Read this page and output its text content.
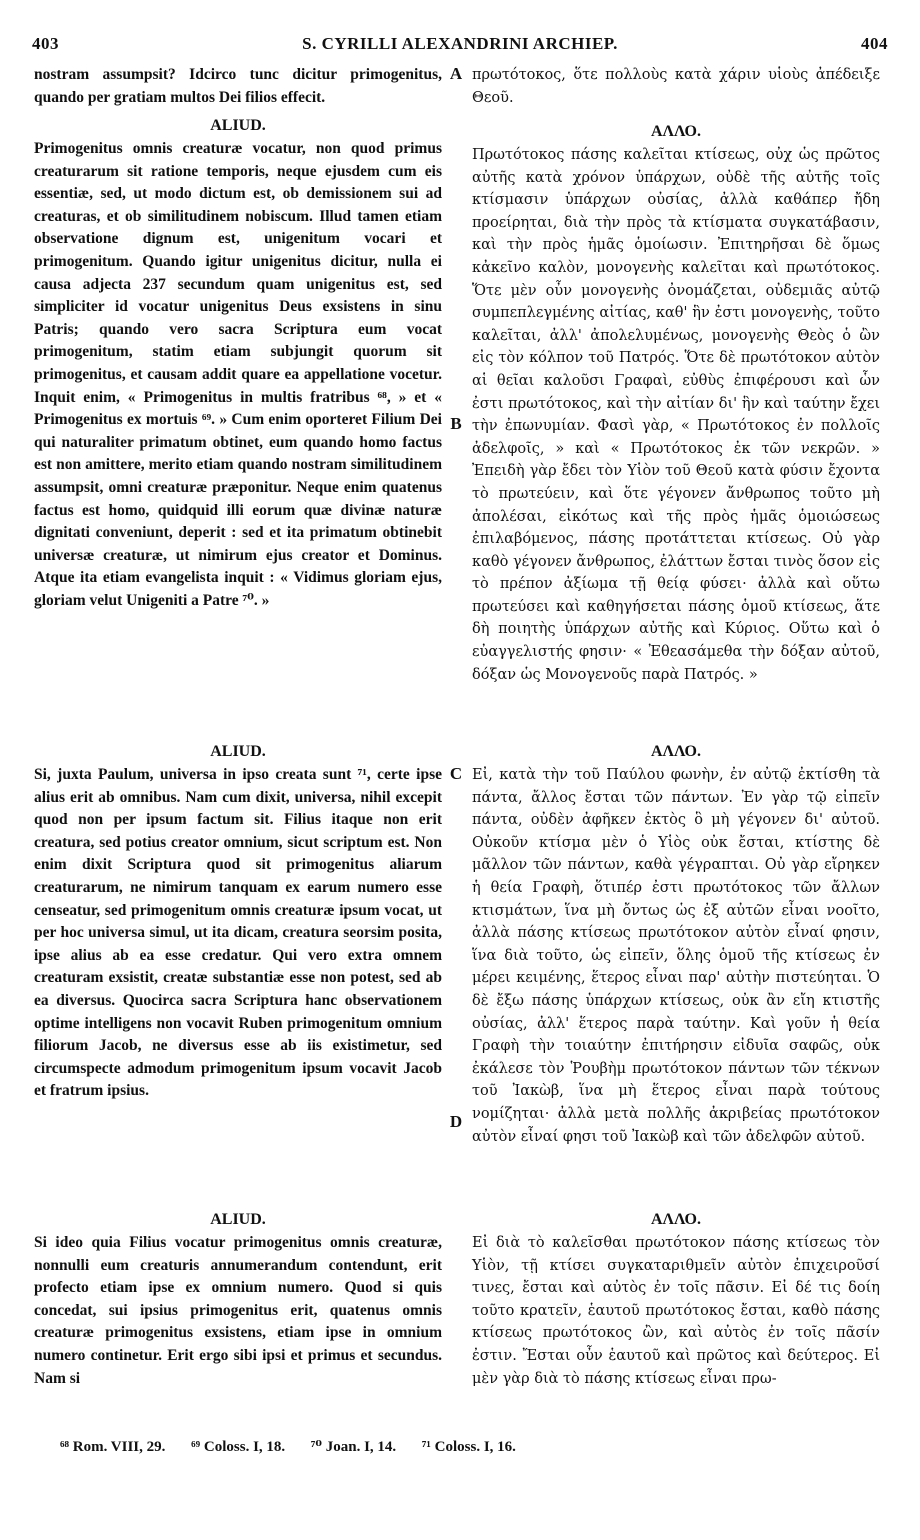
403	S. CYRILLI ALEXANDRINI ARCHIEP.	404

nostram assumpsit? Idcirco tunc dicitur primogenitus, quando per gratiam multos Dei filios effecit.

ALIUD.

Primogenitus omnis creaturæ vocatur, non quod primus creaturarum sit ratione temporis, neque ejusdem cum eis essentiæ, sed, ut modo dictum est, ob demissionem sui ad creaturas, et ob similitudinem nobiscum. Illud tamen etiam observatione dignum est, unigenitum vocari et primogenitum. Quando igitur unigenitus dicitur, nulla ei causa adjecta 237 secundum quam unigenitus est, sed simpliciter id vocatur unigenitus Deus exsistens in sinu Patris; quando vero sacra Scriptura eum vocat primogenitum, statim etiam subjungit quorum sit primogenitus, et causam addit quare ea appellatione vocetur. Inquit enim, « Primogenitus in multis fratribus ⁶⁸, » et « Primogenitus ex mortuis ⁶⁹. » Cum enim oporteret Filium Dei qui naturaliter primatum obtinet, eum quando homo factus est non amittere, merito etiam quando nostram similitudinem assumpsit, omni creaturæ præponitur. Neque enim quatenus factus est homo, quidquid illi eorum quæ divinæ naturæ dignitati conveniunt, deperit : sed et ita primatum obtinebit universæ creaturæ, ut nimirum ejus creator et Dominus. Atque ita etiam evangelista inquit : « Vidimus gloriam ejus, gloriam velut Unigeniti a Patre ⁷⁰. »

ALIUD.

Si, juxta Paulum, universa in ipso creata sunt ⁷¹, certe ipse alius erit ab omnibus. Nam cum dixit, universa, nihil excepit quod non per ipsum factum sit. Filius itaque non erit creatura, sed potius creator omnium, sicut scriptum est. Non enim dixit Scriptura quod sit primogenitus aliarum creaturarum, ne nimirum tanquam ex earum numero esse censeatur, sed primogenitum omnis creaturæ ipsum vocat, ut per hoc universa simul, ut ita dicam, creatura seorsim posita, ipse alius ab ea esse credatur. Qui vero extra omnem creaturam exsistit, creatæ substantiæ esse non potest, sed ab ea diversus. Quocirca sacra Scriptura hanc observationem optime intelligens non vocavit Ruben primogenitum omnium filiorum Jacob, ne diversus esse ab iis existimetur, sed circumspecte admodum primogenitum ipsum vocavit Jacob et fratrum ipsius.

ALIUD.

Si ideo quia Filius vocatur primogenitus omnis creaturæ, nonnulli eum creaturis annumerandum contendunt, erit profecto etiam ipse ex omnium numero. Quod si quis concedat, sui ipsius primogenitus erit, quatenus omnis creaturæ primogenitus exsistens, etiam ipse in omnium numero continetur. Erit ergo sibi ipsi et primus et secundus. Nam si

A
B
C
D

πρωτότοκος, ὅτε πολλοὺς κατὰ χάριν υἱοὺς ἀπέδειξε Θεοῦ.

ΑΛΛΟ.

Πρωτότοκος πάσης καλεῖται κτίσεως, οὐχ ὡς πρῶτος αὐτῆς κατὰ χρόνον ὑπάρχων, οὐδὲ τῆς αὐτῆς τοῖς κτίσμασιν ὑπάρχων οὐσίας, ἀλλὰ καθάπερ ἤδη προείρηται, διὰ τὴν πρὸς τὰ κτίσματα συγκατάβασιν, καὶ τὴν πρὸς ἡμᾶς ὁμοίωσιν. Ἐπιτηρῆσαι δὲ ὅμως κἀκεῖνο καλὸν, μονογενὴς καλεῖται καὶ πρωτότοκος. Ὅτε μὲν οὖν μονογενὴς ὀνομάζεται, οὐδεμιᾶς αὐτῷ συμπεπλεγμένης αἰτίας, καθ' ἣν ἐστι μονογενὴς, τοῦτο καλεῖται, ἀλλ' ἀπολελυμένως, μονογενὴς Θεὸς ὁ ὢν εἰς τὸν κόλπον τοῦ Πατρός. Ὅτε δὲ πρωτότοκον αὐτὸν αἱ θεῖαι καλοῦσι Γραφαὶ, εὐθὺς ἐπιφέρουσι καὶ ὧν ἐστι πρωτότοκος, καὶ τὴν αἰτίαν δι' ἣν καὶ ταύτην ἔχει τὴν ἐπωνυμίαν. Φασὶ γὰρ, « Πρωτότοκος ἐν πολλοῖς ἀδελφοῖς, » καὶ « Πρωτότοκος ἐκ τῶν νεκρῶν. » Ἐπειδὴ γὰρ ἔδει τὸν Υἱὸν τοῦ Θεοῦ κατὰ φύσιν ἔχοντα τὸ πρωτεύειν, καὶ ὅτε γέγονεν ἄνθρωπος τοῦτο μὴ ἀπολέσαι, εἰκότως καὶ τῆς πρὸς ἡμᾶς ὁμοιώσεως ἐπιλαβόμενος, πάσης προτάττεται κτίσεως. Οὐ γὰρ καθὸ γέγονεν ἄνθρωπος, ἐλάττων ἔσται τινὸς ὅσον εἰς τὸ πρέπον ἀξίωμα τῇ θείᾳ φύσει· ἀλλὰ καὶ οὕτω πρωτεύσει καὶ καθηγήσεται πάσης ὁμοῦ κτίσεως, ἅτε δὴ ποιητὴς ὑπάρχων αὐτῆς καὶ Κύριος. Οὕτω καὶ ὁ εὐαγγελιστής φησιν· « Ἐθεασάμεθα τὴν δόξαν αὐτοῦ, δόξαν ὡς Μονογενοῦς παρὰ Πατρός. »

ΑΛΛΟ.

Εἰ, κατὰ τὴν τοῦ Παύλου φωνὴν, ἐν αὐτῷ ἐκτίσθη τὰ πάντα, ἄλλος ἔσται τῶν πάντων. Ἐν γὰρ τῷ εἰπεῖν πάντα, οὐδὲν ἀφῆκεν ἐκτὸς ὃ μὴ γέγονεν δι' αὐτοῦ. Οὐκοῦν κτίσμα μὲν ὁ Υἱὸς οὐκ ἔσται, κτίστης δὲ μᾶλλον τῶν πάντων, καθὰ γέγραπται. Οὐ γὰρ εἴρηκεν ἡ θεία Γραφὴ, ὅτιπέρ ἐστι πρωτότοκος τῶν ἄλλων κτισμάτων, ἵνα μὴ ὄντως ὡς ἐξ αὐτῶν εἶναι νοοῖτο, ἀλλὰ πάσης κτίσεως πρωτότοκον αὐτὸν εἶναί φησιν, ἵνα διὰ τοῦτο, ὡς εἰπεῖν, ὅλης ὁμοῦ τῆς κτίσεως ἐν μέρει κειμένης, ἕτερος εἶναι παρ' αὐτὴν πιστεύηται. Ὁ δὲ ἔξω πάσης ὑπάρχων κτίσεως, οὐκ ἂν εἴη κτιστῆς οὐσίας, ἀλλ' ἕτερος παρὰ ταύτην. Καὶ γοῦν ἡ θεία Γραφὴ τὴν τοιαύτην ἐπιτήρησιν εἰδυῖα σαφῶς, οὐκ ἐκάλεσε τὸν Ῥουβὴμ πρωτότοκον πάντων τῶν τέκνων τοῦ Ἰακὼβ, ἵνα μὴ ἕτερος εἶναι παρὰ τούτους νομίζηται· ἀλλὰ μετὰ πολλῆς ἀκριβείας πρωτότοκον αὐτὸν εἶναί φησι τοῦ Ἰακὼβ καὶ τῶν ἀδελφῶν αὐτοῦ.

ΑΛΛΟ.

Εἰ διὰ τὸ καλεῖσθαι πρωτότοκον πάσης κτίσεως τὸν Υἱὸν, τῇ κτίσει συγκαταριθμεῖν αὐτὸν ἐπιχειροῦσί τινες, ἔσται καὶ αὐτὸς ἐν τοῖς πᾶσιν. Εἰ δέ τις δοίη τοῦτο κρατεῖν, ἑαυτοῦ πρωτότοκος ἔσται, καθὸ πάσης κτίσεως πρωτότοκος ὢν, καὶ αὐτὸς ἐν τοῖς πᾶσίν ἐστιν. Ἔσται οὖν ἑαυτοῦ καὶ πρῶτος καὶ δεύτερος. Εἰ μὲν γὰρ διὰ τὸ πάσης κτίσεως εἶναι πρω-

⁶⁸ Rom. VIII, 29. ⁶⁹ Coloss. I, 18. ⁷⁰ Joan. I, 14. ⁷¹ Coloss. I, 16.
